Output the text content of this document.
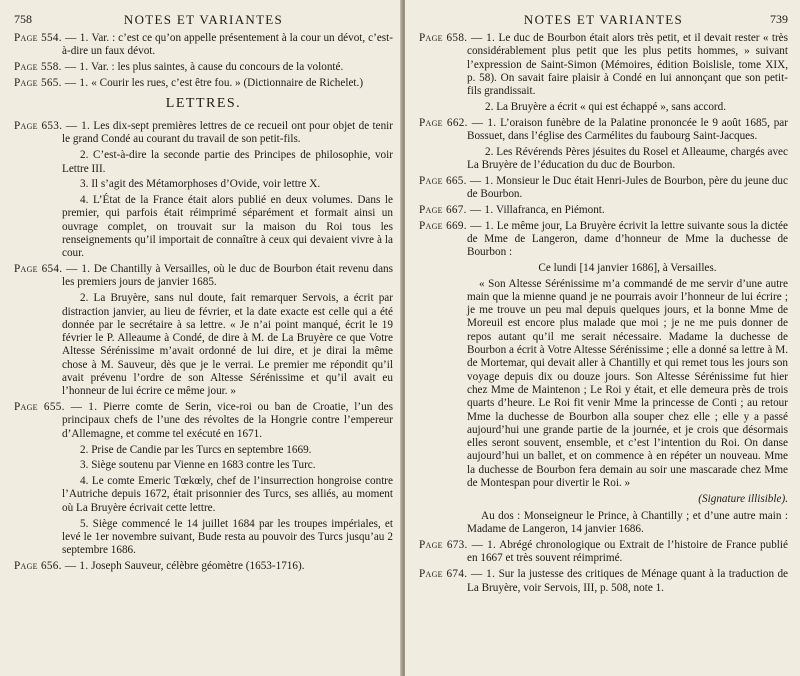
758	NOTES ET VARIANTES

Page 554. — 1. Var. : c’est ce qu’on appelle présentement à la cour un dévot, c’est-à-dire un faux dévot.

Page 558. — 1. Var. : les plus saintes, à cause du concours de la volonté.

Page 565. — 1. « Courir les rues, c’est être fou. » (Dictionnaire de Richelet.)

LETTRES.

Page 653. — 1. Les dix-sept premières lettres de ce recueil ont pour objet de tenir le grand Condé au courant du travail de son petit-fils.

2. C’est-à-dire la seconde partie des Principes de philosophie, voir Lettre III.

3. Il s’agit des Métamorphoses d’Ovide, voir lettre X.

4. L’État de la France était alors publié en deux volumes. Dans le premier, qui parfois était réimprimé séparément et formait ainsi un ouvrage complet, on trouvait sur la maison du Roi tous les renseignements qu’il importait de connaître à ceux qui devaient vivre à la cour.

Page 654. — 1. De Chantilly à Versailles, où le duc de Bourbon était revenu dans les premiers jours de janvier 1685.

2. La Bruyère, sans nul doute, fait remarquer Servois, a écrit par distraction janvier, au lieu de février, et la date exacte est celle qui a été donnée par le secrétaire à sa lettre. « Je n’ai point manqué, écrit le 19 février le P. Alleaume à Condé, de dire à M. de La Bruyère ce que Votre Altesse Sérénissime m’avait ordonné de lui dire, et je dirai la même chose à M. Sauveur, dès que je le verrai. Le premier me répondit qu’il avait prévenu l’ordre de son Altesse Sérénissime et qu’il avait eu l’honneur de lui écrire ce même jour. »

Page 655. — 1. Pierre comte de Serin, vice-roi ou ban de Croatie, l’un des principaux chefs de l’une des révoltes de la Hongrie contre l’empereur d’Allemagne, et comme tel exécuté en 1671.

2. Prise de Candie par les Turcs en septembre 1669.

3. Siège soutenu par Vienne en 1683 contre les Turc.

4. Le comte Emeric Tœkœly, chef de l’insurrection hongroise contre l’Autriche depuis 1672, était prisonnier des Turcs, ses alliés, au moment où La Bruyère écrivait cette lettre.

5. Siège commencé le 14 juillet 1684 par les troupes impériales, et levé le 1er novembre suivant, Bude resta au pouvoir des Turcs jusqu’au 2 septembre 1686.

Page 656. — 1. Joseph Sauveur, célèbre géomètre (1653-1716).

NOTES ET VARIANTES	739

Page 658. — 1. Le duc de Bourbon était alors très petit, et il devait rester « très considérablement plus petit que les plus petits hommes, » suivant l’expression de Saint-Simon (Mémoires, édition Boislisle, tome XIX, p. 58). On savait faire plaisir à Condé en lui annonçant que son petit-fils grandissait.

2. La Bruyère a écrit « qui est échappé », sans accord.

Page 662. — 1. L’oraison funèbre de la Palatine prononcée le 9 août 1685, par Bossuet, dans l’église des Carmélites du faubourg Saint-Jacques.

2. Les Révérends Pères jésuites du Rosel et Alleaume, chargés avec La Bruyère de l’éducation du duc de Bourbon.

Page 665. — 1. Monsieur le Duc était Henri-Jules de Bourbon, père du jeune duc de Bourbon.

Page 667. — 1. Villafranca, en Piémont.

Page 669. — 1. Le même jour, La Bruyère écrivit la lettre suivante sous la dictée de Mme de Langeron, dame d’honneur de Mme la duchesse de Bourbon :

Ce lundi [14 janvier 1686], à Versailles.

« Son Altesse Sérénissime m’a commandé de me servir d’une autre main que la mienne quand je ne pourrais avoir l’honneur de lui écrire ; je me trouve un peu mal depuis quelques jours, et la bonne Mme de Moreuil est encore plus malade que moi ; je ne me puis donner de repos autant qu’il me serait nécessaire. Madame la duchesse de Bourbon a écrit à Votre Altesse Sérénissime ; elle a donné sa lettre à M. de Mortemar, qui devait aller à Chantilly et qui remet tous les jours son voyage depuis dix ou douze jours. Son Altesse Sérénissime fut hier chez Mme de Maintenon ; Le Roi y était, et elle demeura près de trois quarts d’heure. Le Roi fit venir Mme la princesse de Conti ; au retour Mme la duchesse de Bourbon alla souper chez elle ; elle y a passé aujourd’hui une grande partie de la journée, et je crois que désormais elles seront souvent, ensemble, et c’est l’intention du Roi. On danse aujourd’hui un ballet, et on commence à en répéter un nouveau. Mme la duchesse de Bourbon fera demain au soir une mascarade chez Mme de Montespan pour divertir le Roi. »

(Signature illisible).

Au dos : Monseigneur le Prince, à Chantilly ; et d’une autre main : Madame de Langeron, 14 janvier 1686.

Page 673. — 1. Abrégé chronologique ou Extrait de l’histoire de France publié en 1667 et très souvent réimprimé.

Page 674. — 1. Sur la justesse des critiques de Ménage quant à la traduction de La Bruyère, voir Servois, III, p. 508, note 1.
